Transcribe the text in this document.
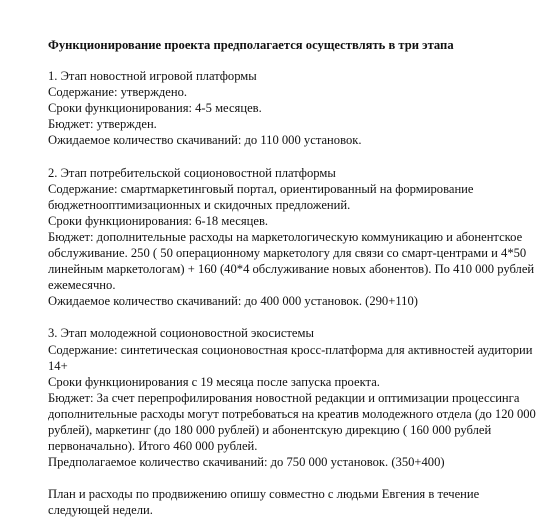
Функционирование проекта предполагается осуществлять в три этапа
1. Этап новостной игровой платформы
Содержание: утверждено.
Сроки функционирования: 4-5 месяцев.
Бюджет: утвержден.
Ожидаемое количество скачиваний: до 110 000 установок.
2. Этап потребительской соционовостной платформы
Содержание: смартмаркетинговый портал, ориентированный на формирование бюджетнооптимизационных и скидочных предложений.
Сроки функционирования: 6-18 месяцев.
Бюджет: дополнительные расходы на маркетологическую коммуникацию и абонентское обслуживание. 250 ( 50 операционному маркетологу для связи со смарт-центрами и 4*50 линейным маркетологам) + 160 (40*4 обслуживание новых абонентов). По 410 000 рублей ежемесячно.
Ожидаемое количество скачиваний: до 400 000 установок. (290+110)
3. Этап молодежной соционовостной экосистемы
Содержание: синтетическая соционовостная кросс-платформа для активностей аудитории 14+
Сроки функционирования с 19 месяца после запуска проекта.
Бюджет: За счет перепрофилирования новостной редакции и оптимизации процессинга дополнительные расходы могут потребоваться на креатив молодежного отдела (до 120 000 рублей), маркетинг (до 180 000 рублей) и абонентскую дирекцию ( 160 000 рублей первоначально). Итого 460 000 рублей.
Предполагаемое количество скачиваний: до 750 000 установок. (350+400)

План и расходы по продвижению опишу совместно с людьми Евгения в течение следующей недели.
